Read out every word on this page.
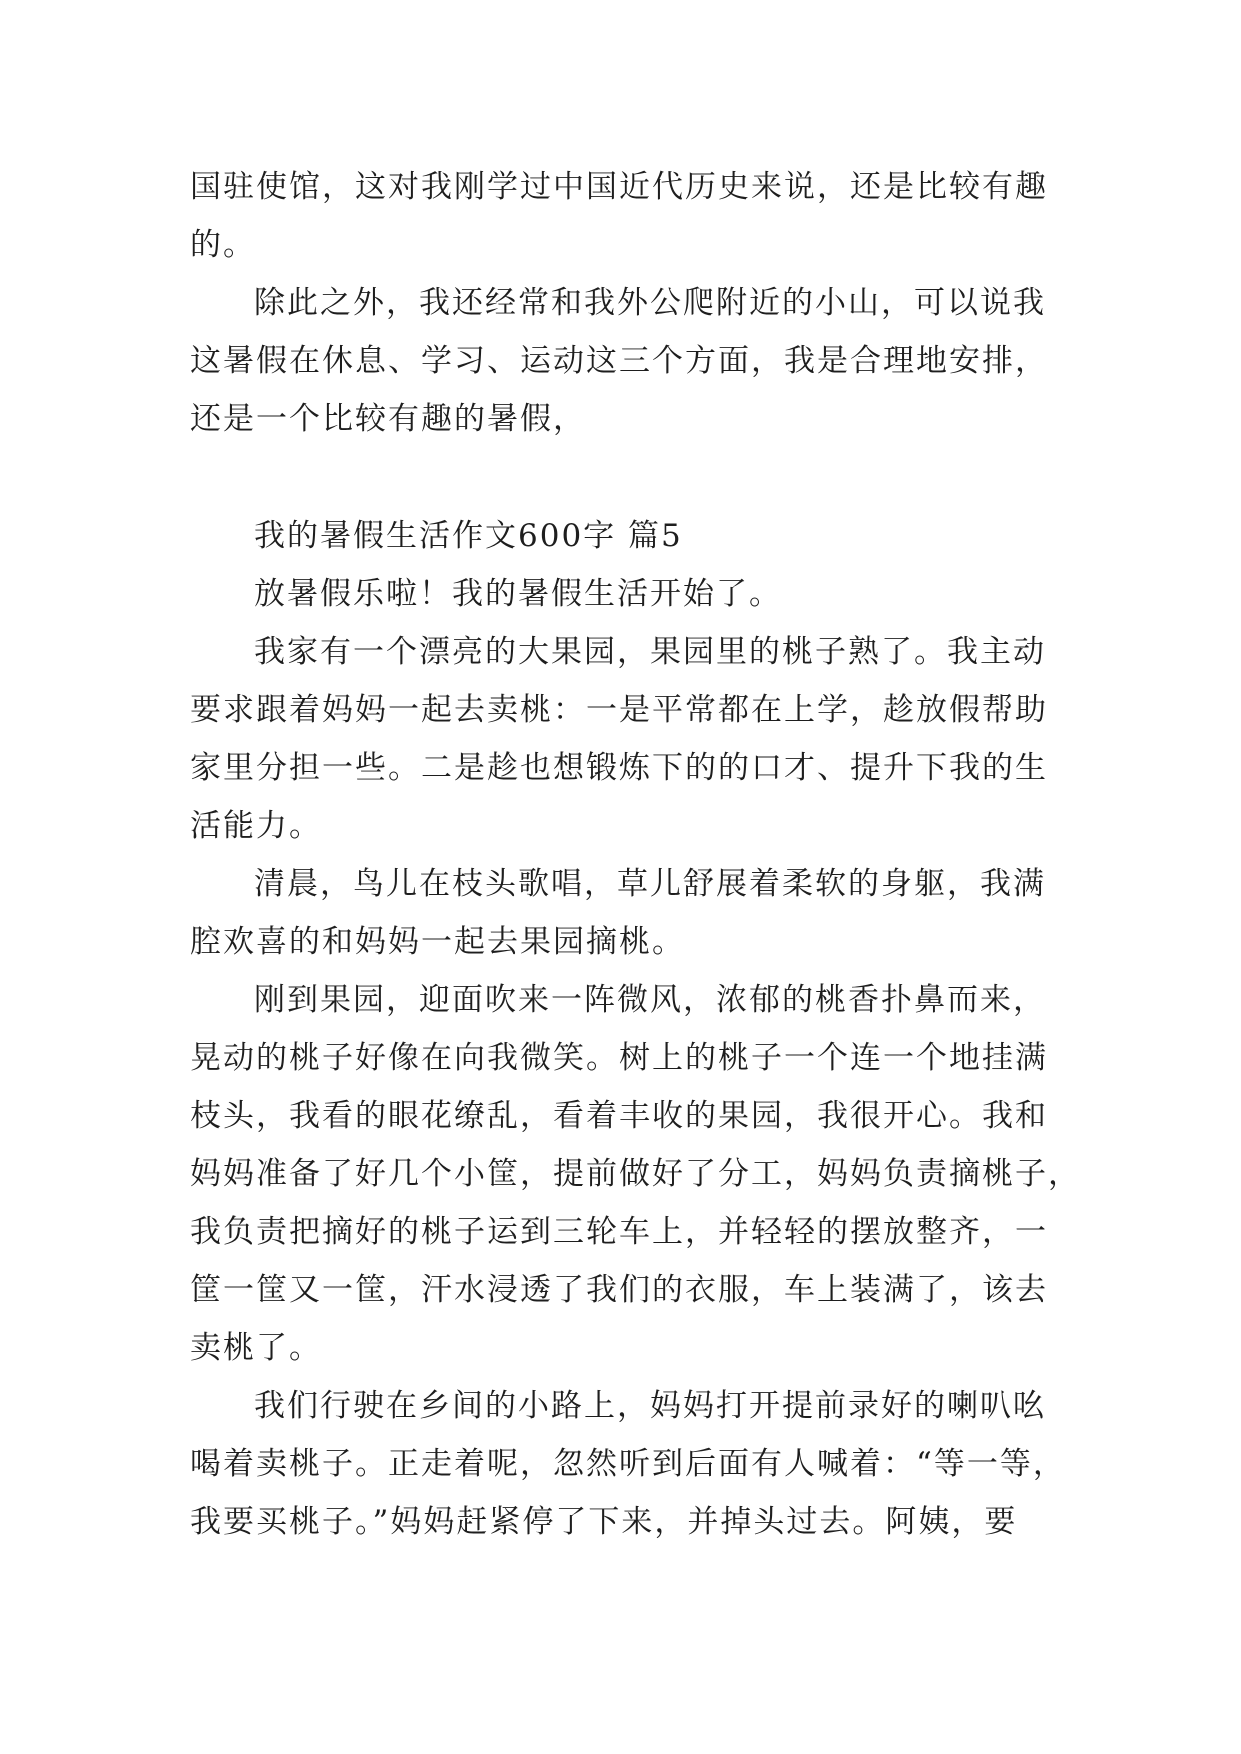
国驻使馆，这对我刚学过中国近代历史来说，还是比较有趣
的。
除此之外，我还经常和我外公爬附近的小山，可以说我
这暑假在休息、学习、运动这三个方面，我是合理地安排，
还是一个比较有趣的暑假，
我的暑假生活作文600字 篇5
放暑假乐啦！我的暑假生活开始了。
我家有一个漂亮的大果园，果园里的桃子熟了。我主动
要求跟着妈妈一起去卖桃：一是平常都在上学，趁放假帮助
家里分担一些。二是趁也想锻炼下的的口才、提升下我的生
活能力。
清晨，鸟儿在枝头歌唱，草儿舒展着柔软的身躯，我满
腔欢喜的和妈妈一起去果园摘桃。
刚到果园，迎面吹来一阵微风，浓郁的桃香扑鼻而来，
晃动的桃子好像在向我微笑。树上的桃子一个连一个地挂满
枝头，我看的眼花缭乱，看着丰收的果园，我很开心。我和
妈妈准备了好几个小筐，提前做好了分工，妈妈负责摘桃子，
我负责把摘好的桃子运到三轮车上，并轻轻的摆放整齐，一
筐一筐又一筐，汗水浸透了我们的衣服，车上装满了，该去
卖桃了。
我们行驶在乡间的小路上，妈妈打开提前录好的喇叭吆
喝着卖桃子。正走着呢，忽然听到后面有人喊着：“等一等，
我要买桃子。”妈妈赶紧停了下来，并掉头过去。阿姨，要
